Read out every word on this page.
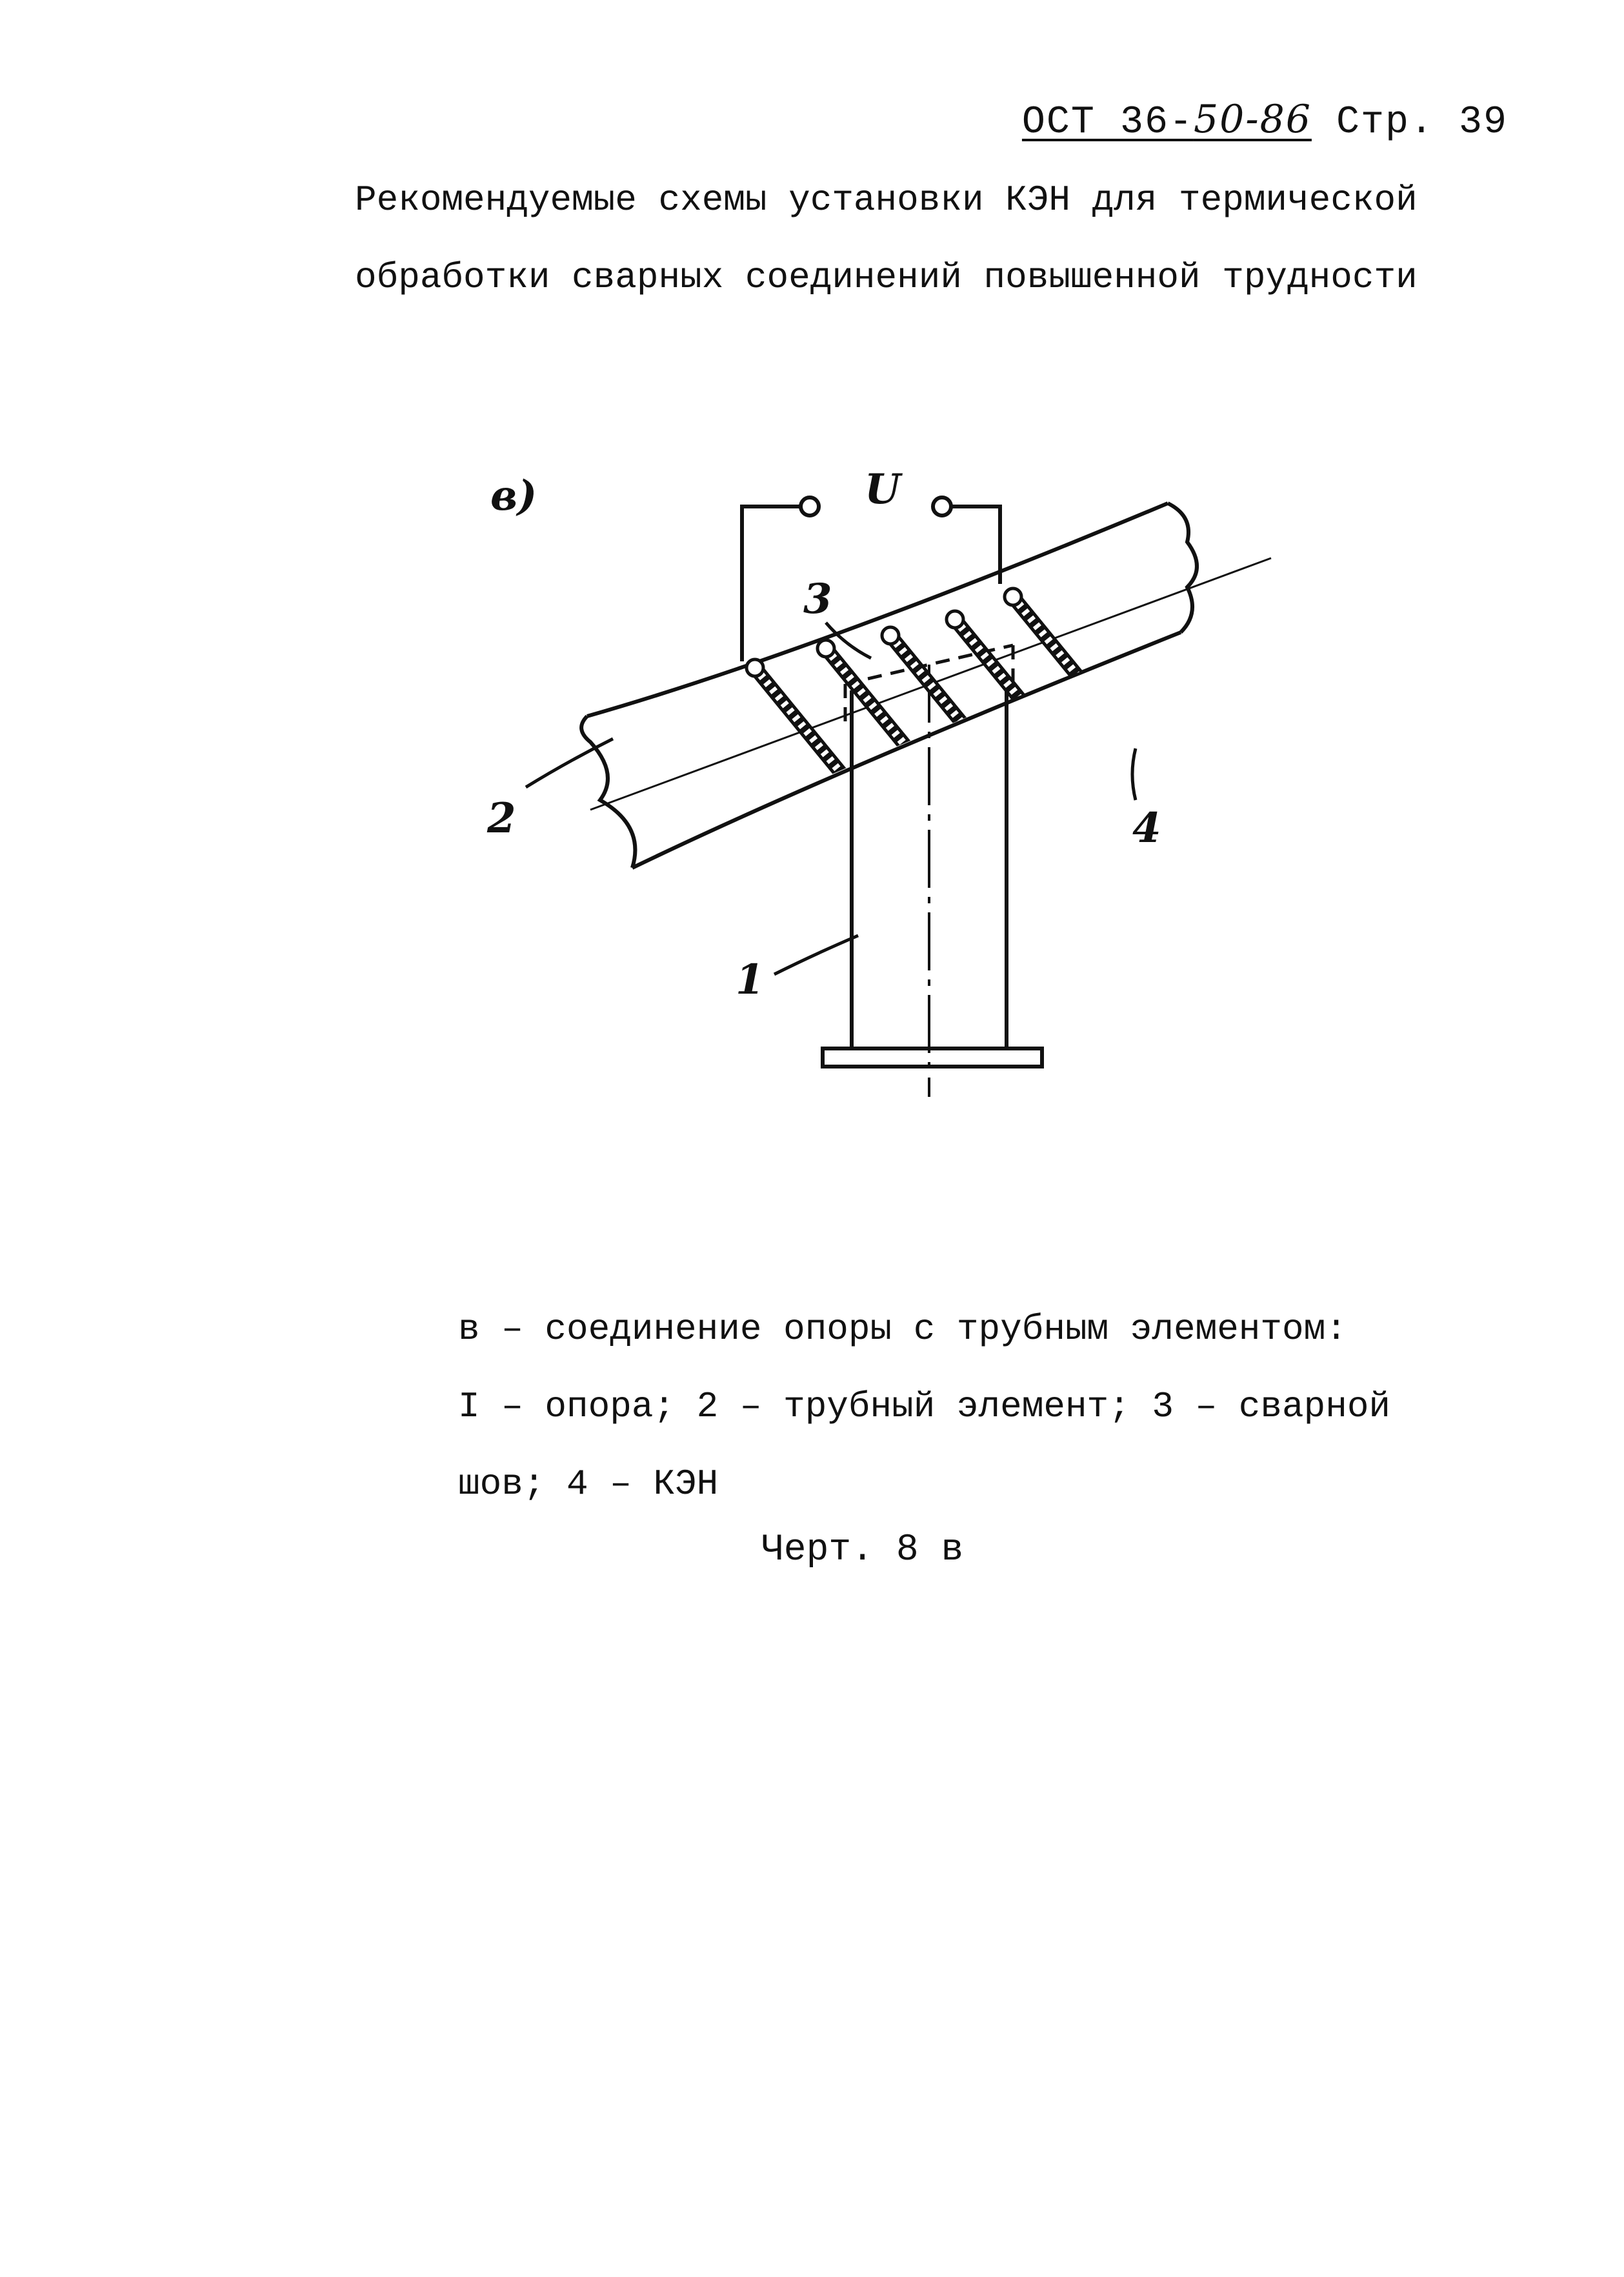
ОСТ 36-50-86 Стр. 39
Рекомендуемые схемы установки КЭН для термической
обработки сварных соединений повышенной трудности
в)	U
2
1
3
4
в – соединение опоры с трубным элементом:
I – опора; 2 – трубный элемент; 3 – сварной
шов; 4 – КЭН
Черт. 8 в
